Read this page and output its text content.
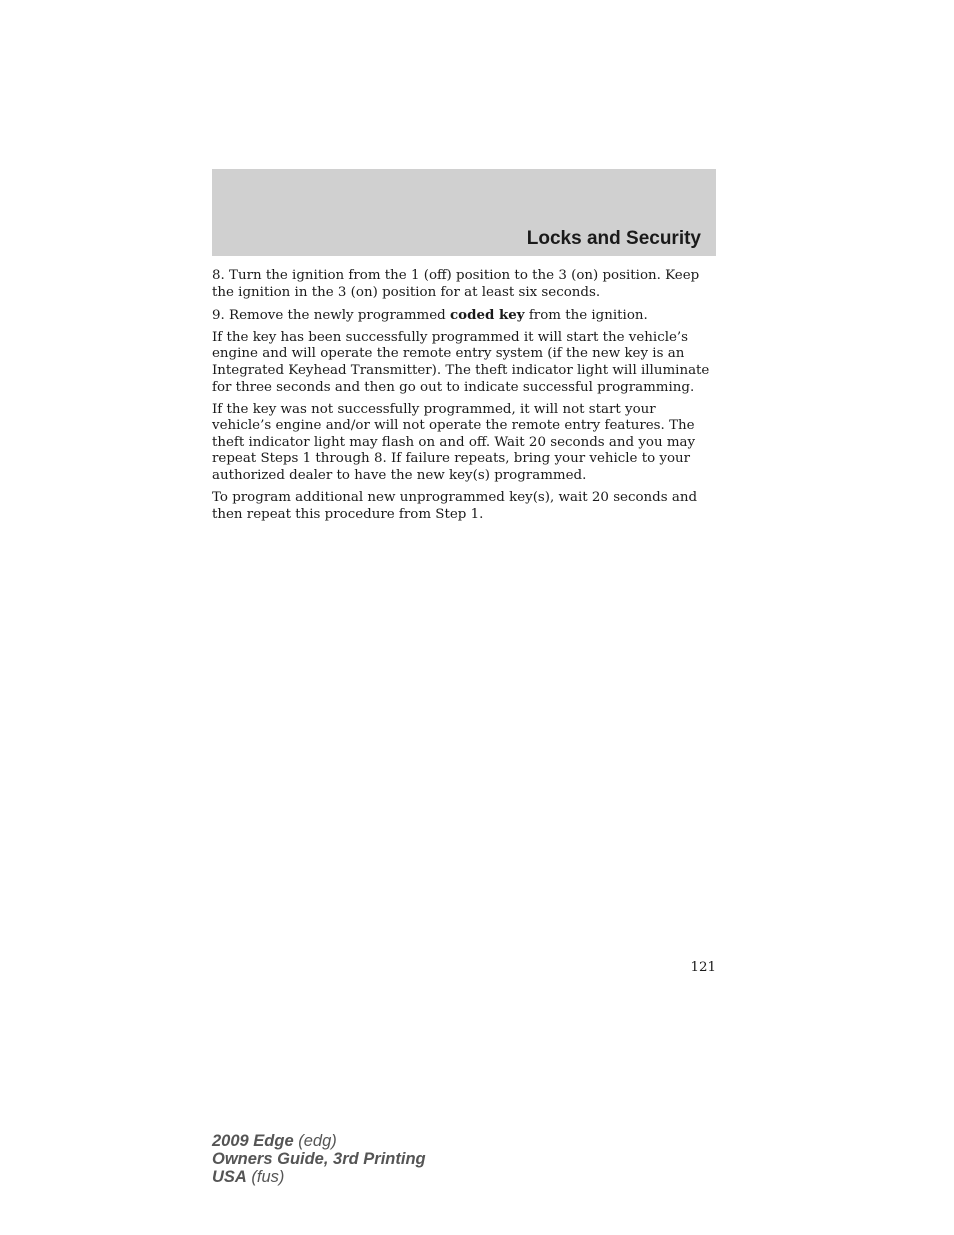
Locks and Security

8. Turn the ignition from the 1 (off) position to the 3 (on) position. Keep the ignition in the 3 (on) position for at least six seconds.

9. Remove the newly programmed coded key from the ignition.

If the key has been successfully programmed it will start the vehicle’s engine and will operate the remote entry system (if the new key is an Integrated Keyhead Transmitter). The theft indicator light will illuminate for three seconds and then go out to indicate successful programming.

If the key was not successfully programmed, it will not start your vehicle’s engine and/or will not operate the remote entry features. The theft indicator light may flash on and off. Wait 20 seconds and you may repeat Steps 1 through 8. If failure repeats, bring your vehicle to your authorized dealer to have the new key(s) programmed.

To program additional new unprogrammed key(s), wait 20 seconds and then repeat this procedure from Step 1.

121

2009 Edge (edg)
Owners Guide, 3rd Printing
USA (fus)
